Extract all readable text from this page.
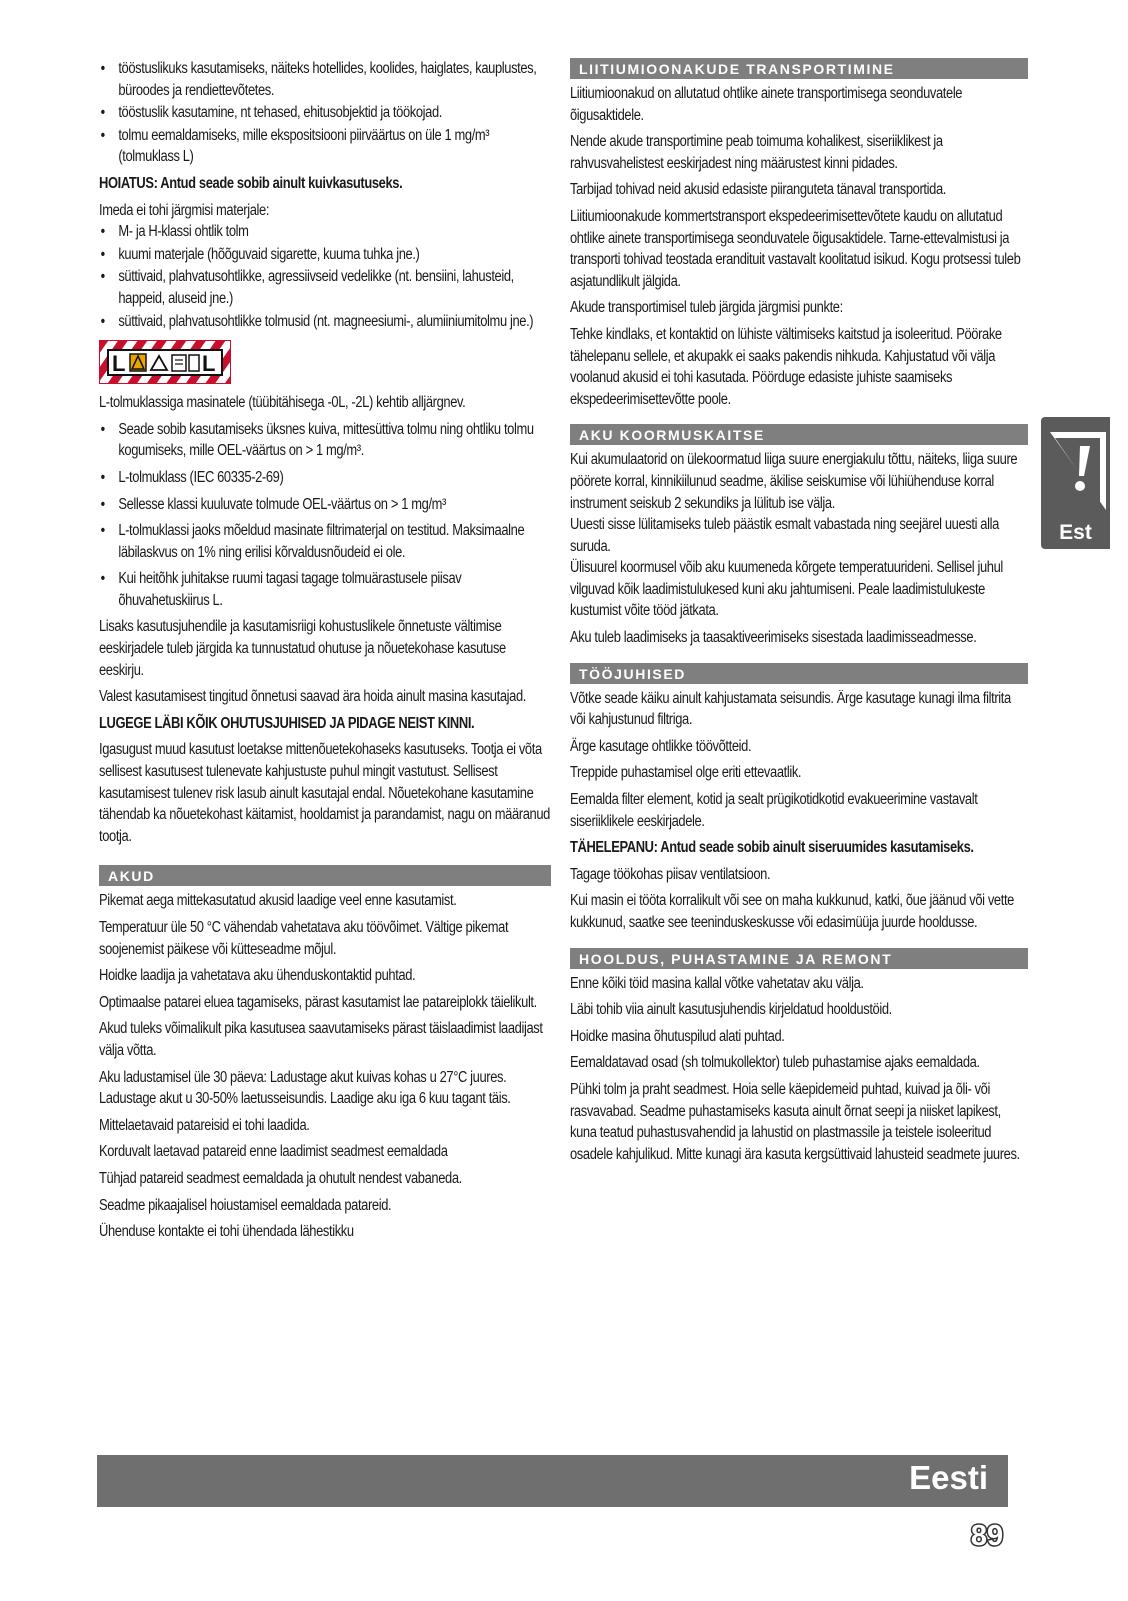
• tööstuslikuks kasutamiseks, näiteks hotellides, koolides, haiglates, kauplustes, büroodes ja rendiettevõtetes.
• tööstuslik kasutamine, nt tehased, ehitusobjektid ja töökojad.
• tolmu eemaldamiseks, mille ekspositsiooni piirväärtus on üle 1 mg/m³ (tolmuklass L)

HOIATUS: Antud seade sobib ainult kuivkasutuseks.

Imeda ei tohi järgmisi materjale:

• M- ja H-klassi ohtlik tolm
• kuumi materjale (hõõguvaid sigarette, kuuma tuhka jne.)
• süttivaid, plahvatusohtlikke, agressiivseid vedelikke (nt. bensiini, lahusteid, happeid, aluseid jne.)
• süttivaid, plahvatusohtlikke tolmusid (nt. magneesiumi-, alumiiniumitolmu jne.)
L	L

L-tolmuklassiga masinatele (tüübitähisega -0L, -2L) kehtib alljärgnev.

• Seade sobib kasutamiseks üksnes kuiva, mittesüttiva tolmu ning ohtliku tolmu kogumiseks, mille OEL-väärtus on > 1 mg/m³.
• L-tolmuklass (IEC 60335-2-69)
• Sellesse klassi kuuluvate tolmude OEL-väärtus on > 1 mg/m³
• L-tolmuklassi jaoks mõeldud masinate filtrimaterjal on testitud. Maksimaalne läbilaskvus on 1% ning erilisi kõrvaldusnõudeid ei ole.
• Kui heitõhk juhitakse ruumi tagasi tagage tolmuärastusele piisav õhuvahetuskiirus L.

Lisaks kasutusjuhendile ja kasutamisriigi kohustuslikele õnnetuste vältimise eeskirjadele tuleb järgida ka tunnustatud ohutuse ja nõuetekohase kasutuse eeskirju.

Valest kasutamisest tingitud õnnetusi saavad ära hoida ainult masina kasutajad.

LUGEGE LÄBI KÕIK OHUTUSJUHISED JA PIDAGE NEIST KINNI.

Igasugust muud kasutust loetakse mittenõuetekohaseks kasutuseks. Tootja ei võta sellisest kasutusest tulenevate kahjustuste puhul mingit vastutust. Sellisest kasutamisest tulenev risk lasub ainult kasutajal endal. Nõuetekohane kasutamine tähendab ka nõuetekohast käitamist, hooldamist ja parandamist, nagu on määranud tootja.

AKUD

Pikemat aega mittekasutatud akusid laadige veel enne kasutamist.

Temperatuur üle 50 °C vähendab vahetatava aku töövõimet. Vältige pikemat soojenemist päikese või kütteseadme mõjul.

Hoidke laadija ja vahetatava aku ühenduskontaktid puhtad.

Optimaalse patarei eluea tagamiseks, pärast kasutamist lae patareiplokk täielikult.

Akud tuleks võimalikult pika kasutusea saavutamiseks pärast täislaadimist laadijast välja võtta.

Aku ladustamisel üle 30 päeva: Ladustage akut kuivas kohas u 27°C juures. Ladustage akut u 30-50% laetusseisundis. Laadige aku iga 6 kuu tagant täis.

Mittelaetavaid patareisid ei tohi laadida.

Korduvalt laetavad patareid enne laadimist seadmest eemaldada

Tühjad patareid seadmest eemaldada ja ohutult nendest vabaneda.

Seadme pikaajalisel hoiustamisel eemaldada patareid.

Ühenduse kontakte ei tohi ühendada lähestikku

LIITIUMIOONAKUDE TRANSPORTIMINE

Liitiumioonakud on allutatud ohtlike ainete transportimisega seonduvatele õigusaktidele.

Nende akude transportimine peab toimuma kohalikest, siseriiklikest ja rahvusvahelistest eeskirjadest ning määrustest kinni pidades.

Tarbijad tohivad neid akusid edasiste piiranguteta tänaval transportida.

Liitiumioonakude kommertstransport ekspedeerimisettevõtete kaudu on allutatud ohtlike ainete transportimisega seonduvatele õigusaktidele. Tarne-ettevalmistusi ja transporti tohivad teostada erandituit vastavalt koolitatud isikud. Kogu protsessi tuleb asjatundlikult jälgida.

Akude transportimisel tuleb järgida järgmisi punkte:

Tehke kindlaks, et kontaktid on lühiste vältimiseks kaitstud ja isoleeritud. Pöörake tähelepanu sellele, et akupakk ei saaks pakendis nihkuda. Kahjustatud või välja voolanud akusid ei tohi kasutada. Pöörduge edasiste juhiste saamiseks ekspedeerimisettevõtte poole.

AKU KOORMUSKAITSE

Kui akumulaatorid on ülekoormatud liiga suure energiakulu tõttu, näiteks, liiga suure pöörete korral, kinnikiilunud seadme, äkilise seiskumise või lühiühenduse korral instrument seiskub 2 sekundiks ja lülitub ise välja.
Uuesti sisse lülitamiseks tuleb päästik esmalt vabastada ning seejärel uuesti alla suruda.
Ülisuurel koormusel võib aku kuumeneda kõrgete temperatuurideni. Sellisel juhul vilguvad kõik laadimistulukesed kuni aku jahtumiseni. Peale laadimistulukeste kustumist võite tööd jätkata.

Aku tuleb laadimiseks ja taasaktiveerimiseks sisestada laadimisseadmesse.

TÖÖJUHISED

Võtke seade käiku ainult kahjustamata seisundis. Ärge kasutage kunagi ilma filtrita või kahjustunud filtriga.

Ärge kasutage ohtlikke töövõtteid.

Treppide puhastamisel olge eriti ettevaatlik.

Eemalda filter element, kotid ja sealt prügikotidkotid evakueerimine vastavalt siseriiklikele eeskirjadele.

TÄHELEPANU: Antud seade sobib ainult siseruumides kasutamiseks.

Tagage töökohas piisav ventilatsioon.

Kui masin ei tööta korralikult või see on maha kukkunud, katki, õue jäänud või vette kukkunud, saatke see teeninduskeskusse või edasimüüja juurde hooldusse.

HOOLDUS, PUHASTAMINE JA REMONT

Enne kõiki töid masina kallal võtke vahetatav aku välja.

Läbi tohib viia ainult kasutusjuhendis kirjeldatud hooldustöid.

Hoidke masina õhutuspilud alati puhtad.

Eemaldatavad osad (sh tolmukollektor) tuleb puhastamise ajaks eemaldada.

Pühki tolm ja praht seadmest. Hoia selle käepidemeid puhtad, kuivad ja õli- või rasvavabad. Seadme puhastamiseks kasuta ainult õrnat seepi ja niisket lapikest, kuna teatud puhastusvahendid ja lahustid on plastmassile ja teistele isoleeritud osadele kahjulikud. Mitte kunagi ära kasuta kergsüttivaid lahusteid seadmete juures.

Est
Eesti
89
